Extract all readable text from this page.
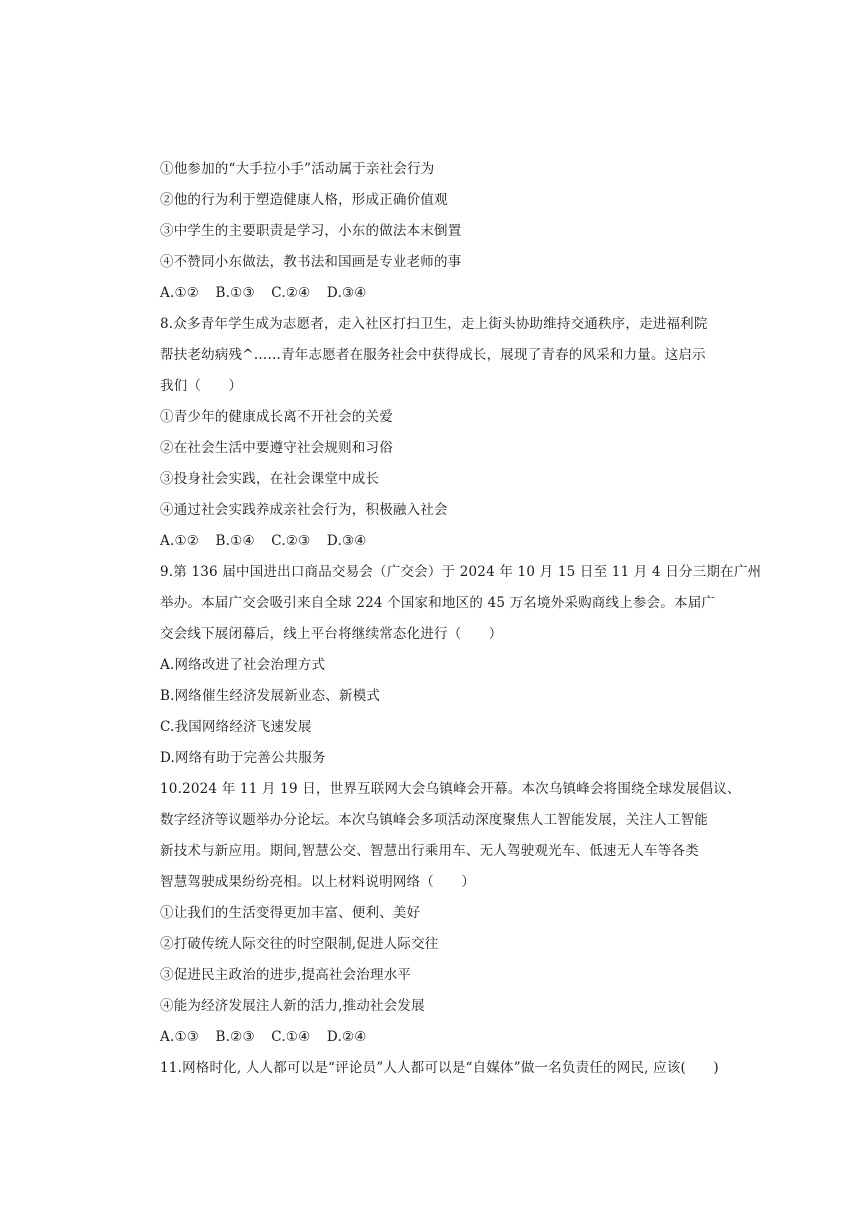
①他参加的“大手拉小手”活动属于亲社会行为
②他的行为利于塑造健康人格，形成正确价值观
③中学生的主要职责是学习，小东的做法本末倒置
④不赞同小东做法，教书法和国画是专业老师的事
A.①② B.①③ C.②④ D.③④
8.众多青年学生成为志愿者，走入社区打扫卫生，走上街头协助维持交通秩序，走进福利院
帮扶老幼病残^……青年志愿者在服务社会中获得成长，展现了青春的风采和力量。这启示
我们（　　）
①青少年的健康成长离不开社会的关爱
②在社会生活中要遵守社会规则和习俗
③投身社会实践，在社会课堂中成长
④通过社会实践养成亲社会行为，积极融入社会
A.①② B.①④ C.②③ D.③④
9.第 136 届中国进出口商品交易会（广交会）于 2024 年 10 月 15 日至 11 月 4 日分三期在广州
举办。本届广交会吸引来自全球 224 个国家和地区的 45 万名境外采购商线上参会。本届广
交会线下展闭幕后，线上平台将继续常态化进行（　　）
A.网络改进了社会治理方式
B.网络催生经济发展新业态、新模式
C.我国网络经济飞速发展
D.网络有助于完善公共服务
10.2024 年 11 月 19 日，世界互联网大会乌镇峰会开幕。本次乌镇峰会将围绕全球发展倡议、
数字经济等议题举办分论坛。本次乌镇峰会多项活动深度聚焦人工智能发展，关注人工智能
新技术与新应用。期间,智慧公交、智慧出行乘用车、无人驾驶观光车、低速无人车等各类
智慧驾驶成果纷纷亮相。以上材料说明网络（　　）
①让我们的生活变得更加丰富、便利、美好
②打破传统人际交往的时空限制,促进人际交往
③促进民主政治的进步,提高社会治理水平
④能为经济发展注人新的活力,推动社会发展
A.①③ B.②③ C.①④ D.②④
11.网格时化, 人人都可以是“评论员”人人都可以是“自媒体”做一名负责任的网民, 应该(　　)
